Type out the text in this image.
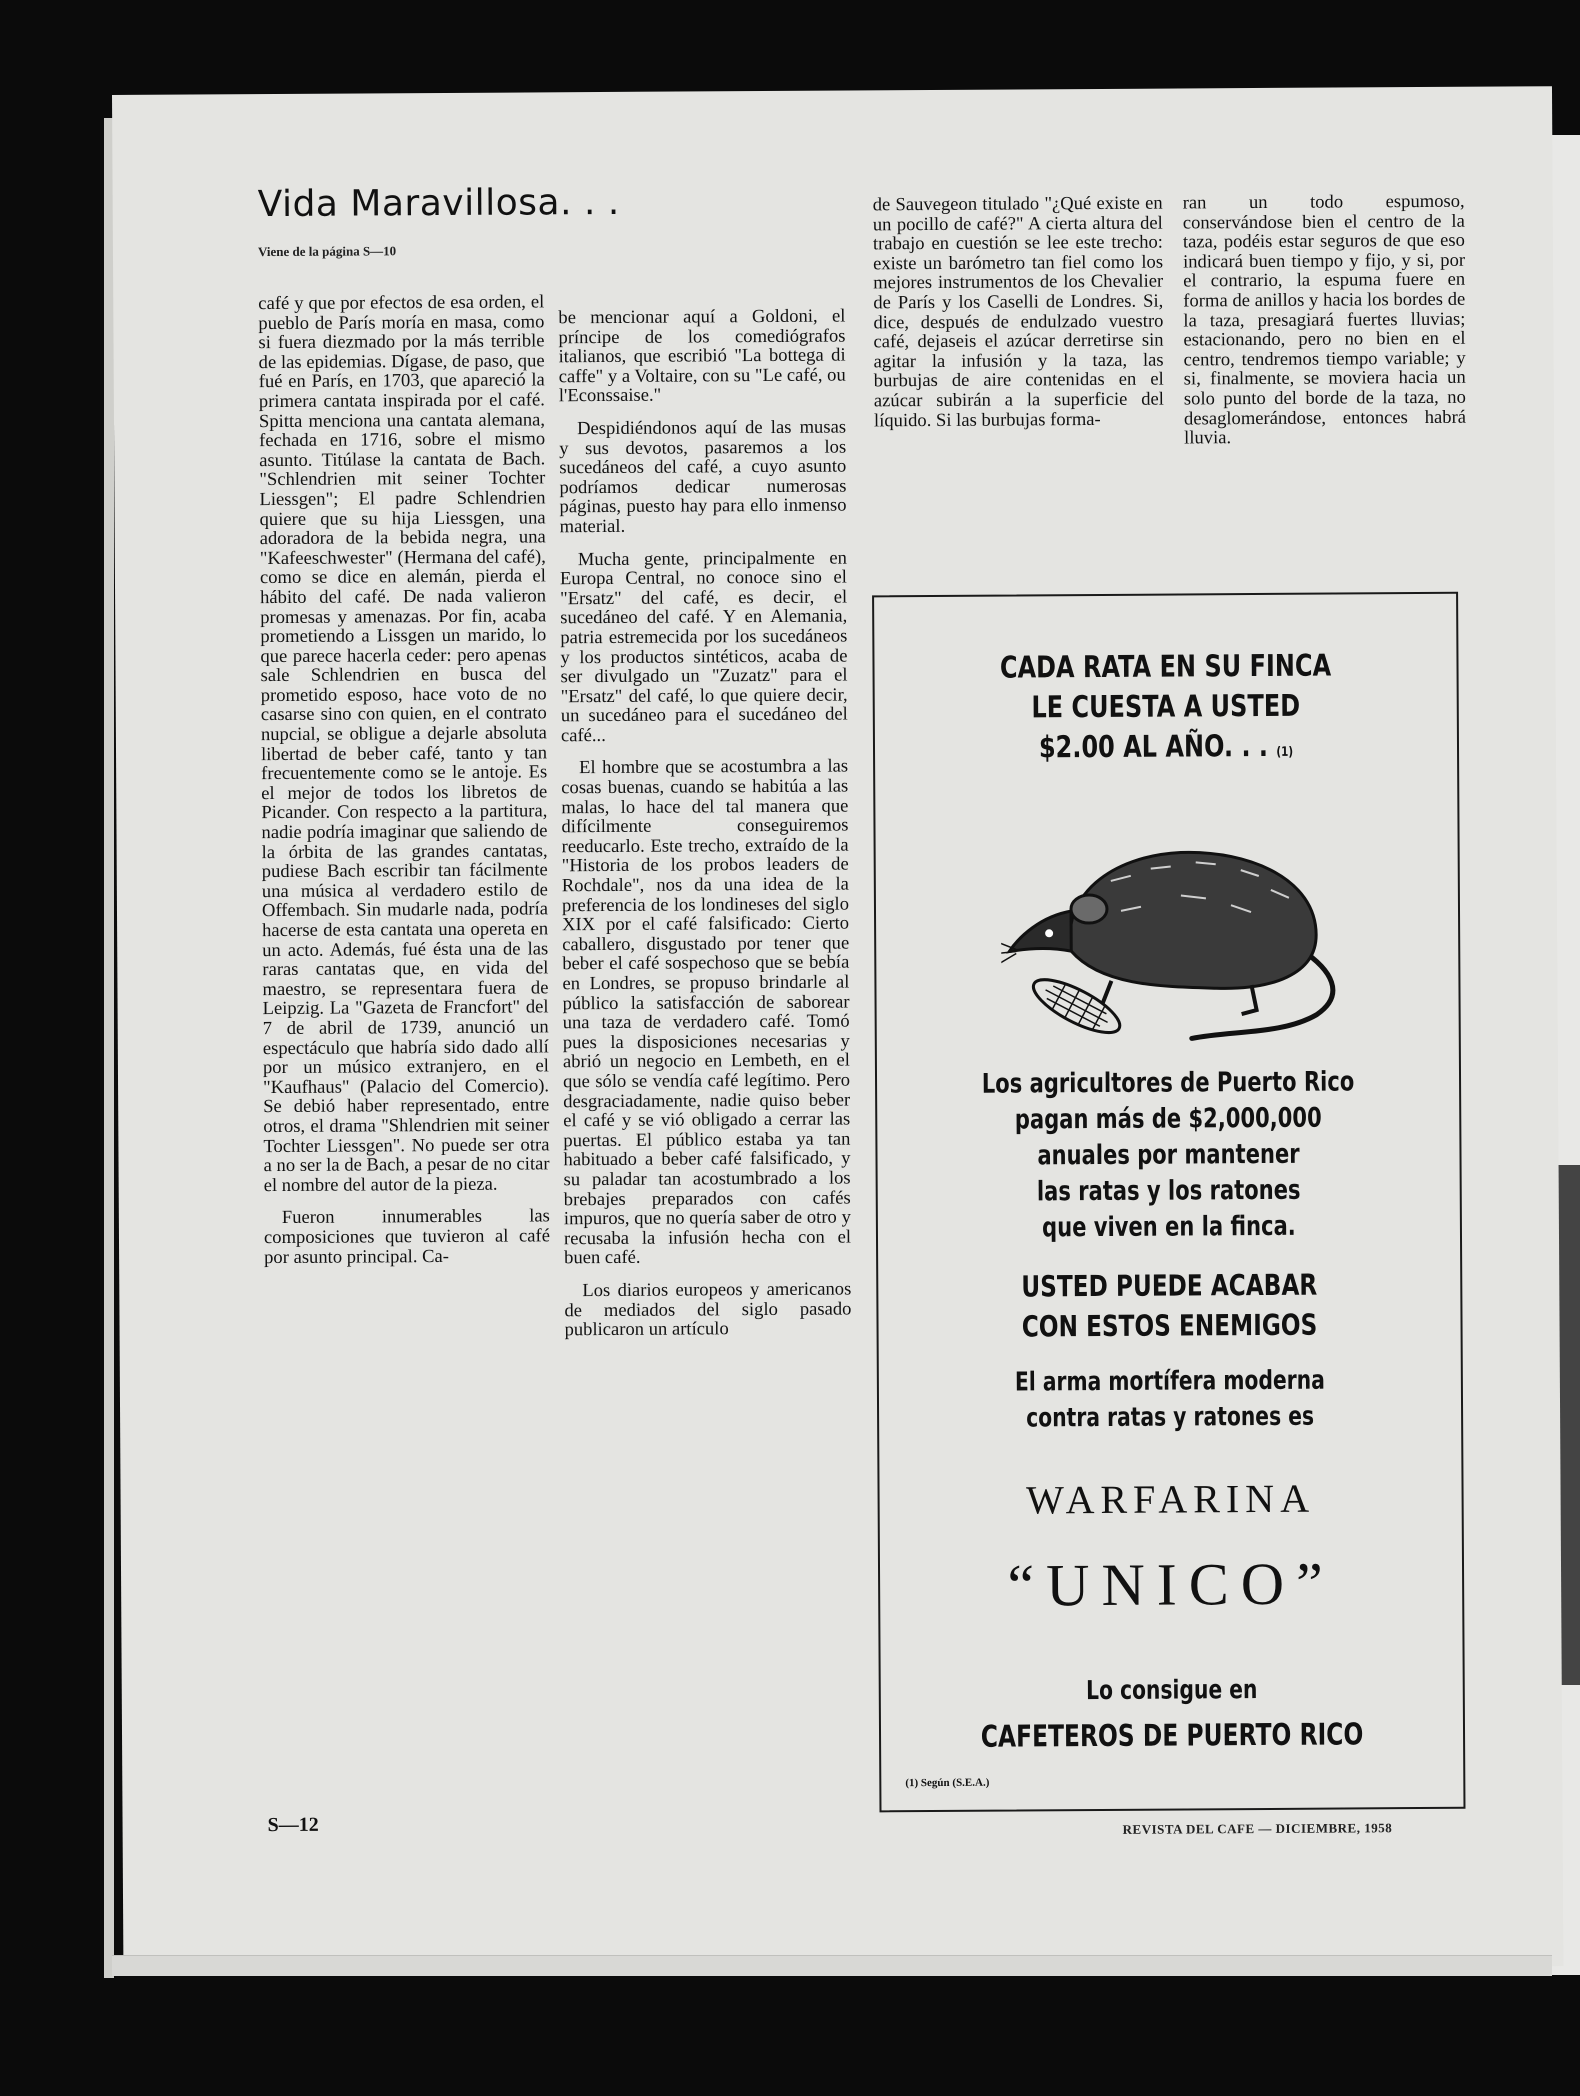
Vida Maravillosa. . .
Viene de la página S—10

café y que por efectos de esa orden, el pueblo de París moría en masa, como si fuera diezmado por la más terrible de las epidemias. Dígase, de paso, que fué en París, en 1703, que apareció la primera cantata inspirada por el café. Spitta menciona una cantata alemana, fechada en 1716, sobre el mismo asunto. Titúlase la cantata de Bach. "Schlendrien mit seiner Tochter Liessgen"; El padre Schlendrien quiere que su hija Liessgen, una adoradora de la bebida negra, una "Kafeeschwester" (Hermana del café), como se dice en alemán, pierda el hábito del café. De nada valieron promesas y amenazas. Por fin, acaba prometiendo a Lissgen un marido, lo que parece hacerla ceder: pero apenas sale Schlendrien en busca del prometido esposo, hace voto de no casarse sino con quien, en el contrato nupcial, se obligue a dejarle absoluta libertad de beber café, tanto y tan frecuentemente como se le antoje. Es el mejor de todos los libretos de Picander. Con respecto a la partitura, nadie podría imaginar que saliendo de la órbita de las grandes cantatas, pudiese Bach escribir tan fácilmente una música al verdadero estilo de Offembach. Sin mudarle nada, podría hacerse de esta cantata una opereta en un acto. Además, fué ésta una de las raras cantatas que, en vida del maestro, se representara fuera de Leipzig. La "Gazeta de Francfort" del 7 de abril de 1739, anunció un espectáculo que habría sido dado allí por un músico extranjero, en el "Kaufhaus" (Palacio del Comercio). Se debió haber representado, entre otros, el drama "Shlendrien mit seiner Tochter Liessgen". No puede ser otra a no ser la de Bach, a pesar de no citar el nombre del autor de la pieza.

Fueron innumerables las composiciones que tuvieron al café por asunto principal. Ca-

be mencionar aquí a Goldoni, el príncipe de los comediógrafos italianos, que escribió "La bottega di caffe" y a Voltaire, con su "Le café, ou l'Econssaise."

Despidiéndonos aquí de las musas y sus devotos, pasaremos a los sucedáneos del café, a cuyo asunto podríamos dedicar numerosas páginas, puesto hay para ello inmenso material.

Mucha gente, principalmente en Europa Central, no conoce sino el "Ersatz" del café, es decir, el sucedáneo del café. Y en Alemania, patria estremecida por los sucedáneos y los productos sintéticos, acaba de ser divulgado un "Zuzatz" para el "Ersatz" del café, lo que quiere decir, un sucedáneo para el sucedáneo del café...

El hombre que se acostumbra a las cosas buenas, cuando se habitúa a las malas, lo hace del tal manera que difícilmente conseguiremos reeducarlo. Este trecho, extraído de la "Historia de los probos leaders de Rochdale", nos da una idea de la preferencia de los londineses del siglo XIX por el café falsificado: Cierto caballero, disgustado por tener que beber el café sospechoso que se bebía en Londres, se propuso brindarle al público la satisfacción de saborear una taza de verdadero café. Tomó pues la disposiciones necesarias y abrió un negocio en Lembeth, en el que sólo se vendía café legítimo. Pero desgraciadamente, nadie quiso beber el café y se vió obligado a cerrar las puertas. El público estaba ya tan habituado a beber café falsificado, y su paladar tan acostumbrado a los brebajes preparados con cafés impuros, que no quería saber de otro y recusaba la infusión hecha con el buen café.

Los diarios europeos y americanos de mediados del siglo pasado publicaron un artículo

de Sauvegeon titulado "¿Qué existe en un pocillo de café?" A cierta altura del trabajo en cuestión se lee este trecho: existe un barómetro tan fiel como los mejores instrumentos de los Chevalier de París y los Caselli de Londres. Si, dice, después de endulzado vuestro café, dejaseis el azúcar derretirse sin agitar la infusión y la taza, las burbujas de aire contenidas en el azúcar subirán a la superficie del líquido. Si las burbujas forma-

ran un todo espumoso, conservándose bien el centro de la taza, podéis estar seguros de que eso indicará buen tiempo y fijo, y si, por el contrario, la espuma fuere en forma de anillos y hacia los bordes de la taza, presagiará fuertes lluvias; estacionando, pero no bien en el centro, tendremos tiempo variable; y si, finalmente, se moviera hacia un solo punto del borde de la taza, no desaglomerándose, entonces habrá lluvia.

CADA RATA EN SU FINCA
LE CUESTA A USTED
$2.00 AL AÑO. . . (1)
Los agricultores de Puerto Rico
pagan más de $2,000,000
anuales por mantener
las ratas y los ratones
que viven en la finca.
USTED PUEDE ACABAR
CON ESTOS ENEMIGOS
El arma mortífera moderna
contra ratas y ratones es
WARFARINA
“UNICO”
Lo consigue en
CAFETEROS DE PUERTO RICO
(1) Según (S.E.A.)
S—12	REVISTA DEL CAFE — DICIEMBRE, 1958
